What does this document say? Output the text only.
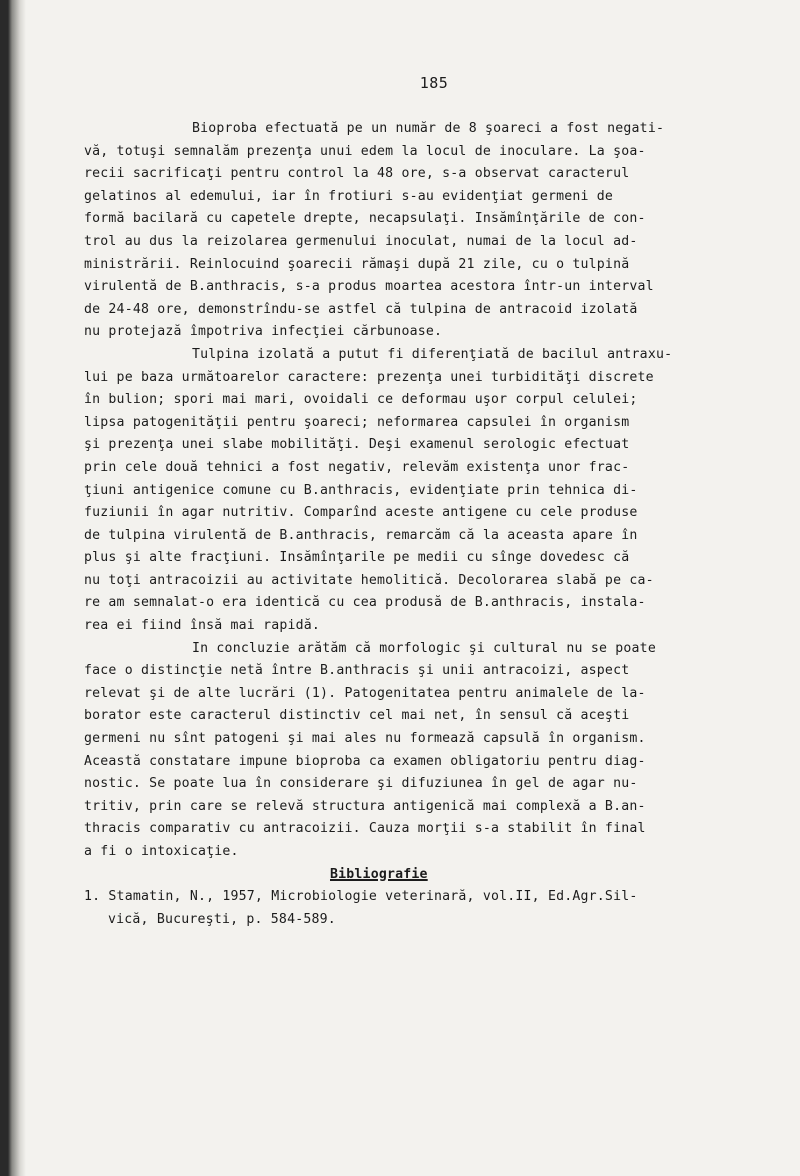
185
Bioproba efectuată pe un număr de 8 şoareci a fost negati-
vă, totuşi semnalăm prezenţa unui edem la locul de inoculare. La şoa-
recii sacrificaţi pentru control la 48 ore, s-a observat caracterul
gelatinos al edemului, iar în frotiuri s-au evidenţiat germeni de
formă bacilară cu capetele drepte, necapsulaţi. Insămînţările de con-
trol au dus la reizolarea germenului inoculat, numai de la locul ad-
ministrării. Reinlocuind şoarecii rămaşi după 21 zile, cu o tulpină
virulentă de B.anthracis, s-a produs moartea acestora într-un interval
de 24-48 ore, demonstrîndu-se astfel că tulpina de antracoid izolată
nu protejază împotriva infecţiei cărbunoase.
Tulpina izolată a putut fi diferenţiată de bacilul antraxu-
lui pe baza următoarelor caractere: prezenţa unei turbidităţi discrete
în bulion; spori mai mari, ovoidali ce deformau uşor corpul celulei;
lipsa patogenităţii pentru şoareci; neformarea capsulei în organism
şi prezenţa unei slabe mobilităţi. Deşi examenul serologic efectuat
prin cele două tehnici a fost negativ, relevăm existenţa unor frac-
ţiuni antigenice comune cu B.anthracis, evidenţiate prin tehnica di-
fuziunii în agar nutritiv. Comparînd aceste antigene cu cele produse
de tulpina virulentă de B.anthracis, remarcăm că la aceasta apare în
plus şi alte fracţiuni. Insămînţarile pe medii cu sînge dovedesc că
nu toţi antracoizii au activitate hemolitică. Decolorarea slabă pe ca-
re am semnalat-o era identică cu cea produsă de B.anthracis, instala-
rea ei fiind însă mai rapidă.
In concluzie arătăm că morfologic şi cultural nu se poate
face o distincţie netă între B.anthracis şi unii antracoizi, aspect
relevat şi de alte lucrări (1). Patogenitatea pentru animalele de la-
borator este caracterul distinctiv cel mai net, în sensul că aceşti
germeni nu sînt patogeni şi mai ales nu formează capsulă în organism.
Această constatare impune bioproba ca examen obligatoriu pentru diag-
nostic. Se poate lua în considerare şi difuziunea în gel de agar nu-
tritiv, prin care se relevă structura antigenică mai complexă a B.an-
thracis comparativ cu antracoizii. Cauza morţii s-a stabilit în final
a fi o intoxicaţie.
Bibliografie
1. Stamatin, N., 1957, Microbiologie veterinară, vol.II, Ed.Agr.Sil-
vică, Bucureşti, p. 584-589.
